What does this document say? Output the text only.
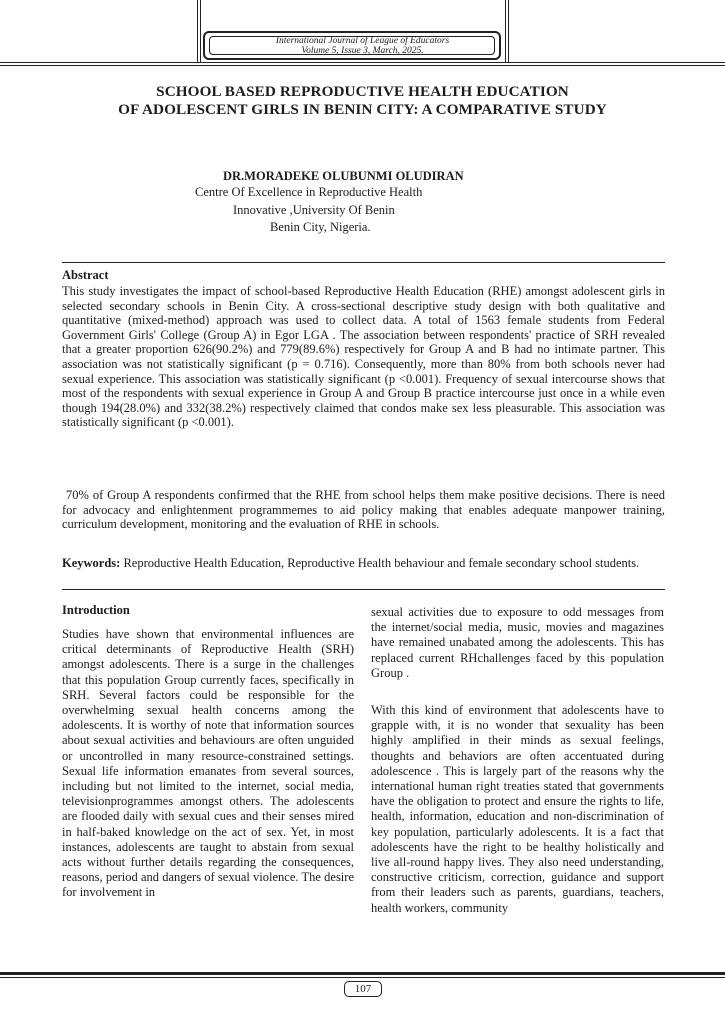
International Journal of League of Educators
Volume 5, Issue 3, March, 2025.
SCHOOL BASED REPRODUCTIVE HEALTH EDUCATION
OF ADOLESCENT GIRLS IN BENIN CITY: A COMPARATIVE STUDY
DR.MORADEKE OLUBUNMI OLUDIRAN
Centre Of Excellence in Reproductive Health
Innovative ,University Of Benin
Benin City, Nigeria.
Abstract
This study investigates the impact of school-based Reproductive Health Education (RHE) amongst adolescent girls in selected secondary schools in Benin City. A cross-sectional descriptive study design with both qualitative and quantitative (mixed-method) approach was used to collect data. A total of 1563 female students from Federal Government Girls' College (Group A) in Egor LGA . The association between respondents' practice of SRH revealed that a greater proportion 626(90.2%) and 779(89.6%) respectively for Group A and B had no intimate partner. This association was not statistically significant (p = 0.716). Consequently, more than 80% from both schools never had sexual experience. This association was statistically significant (p <0.001). Frequency of sexual intercourse shows that most of the respondents with sexual experience in Group A and Group B practice intercourse just once in a while even though 194(28.0%) and 332(38.2%) respectively claimed that condos make sex less pleasurable. This association was statistically significant (p <0.001).
70% of Group A respondents confirmed that the RHE from school helps them make positive decisions. There is need for advocacy and enlightenment programmemes to aid policy making that enables adequate manpower training, curriculum development, monitoring and the evaluation of RHE in schools.
Keywords: Reproductive Health Education, Reproductive Health behaviour and female secondary school students.
Introduction
Studies have shown that environmental influences are critical determinants of Reproductive Health (SRH) amongst adolescents. There is a surge in the challenges that this population Group currently faces, specifically in SRH. Several factors could be responsible for the overwhelming sexual health concerns among the adolescents. It is worthy of note that information sources about sexual activities and behaviours are often unguided or uncontrolled in many resource-constrained settings. Sexual life information emanates from several sources, including but not limited to the internet, social media, televisionprogrammes amongst others. The adolescents are flooded daily with sexual cues and their senses mired in half-baked knowledge on the act of sex. Yet, in most instances, adolescents are taught to abstain from sexual acts without further details regarding the consequences, reasons, period and dangers of sexual violence. The desire for involvement in
sexual activities due to exposure to odd messages from the internet/social media, music, movies and magazines have remained unabated among the adolescents. This has replaced current RHchallenges faced by this population Group .
With this kind of environment that adolescents have to grapple with, it is no wonder that sexuality has been highly amplified in their minds as sexual feelings, thoughts and behaviors are often accentuated during adolescence . This is largely part of the reasons why the international human right treaties stated that governments have the obligation to protect and ensure the rights to life, health, information, education and non-discrimination of key population, particularly adolescents. It is a fact that adolescents have the right to be healthy holistically and live all-round happy lives. They also need understanding, constructive criticism, correction, guidance and support from their leaders such as parents, guardians, teachers, health workers, community
107
